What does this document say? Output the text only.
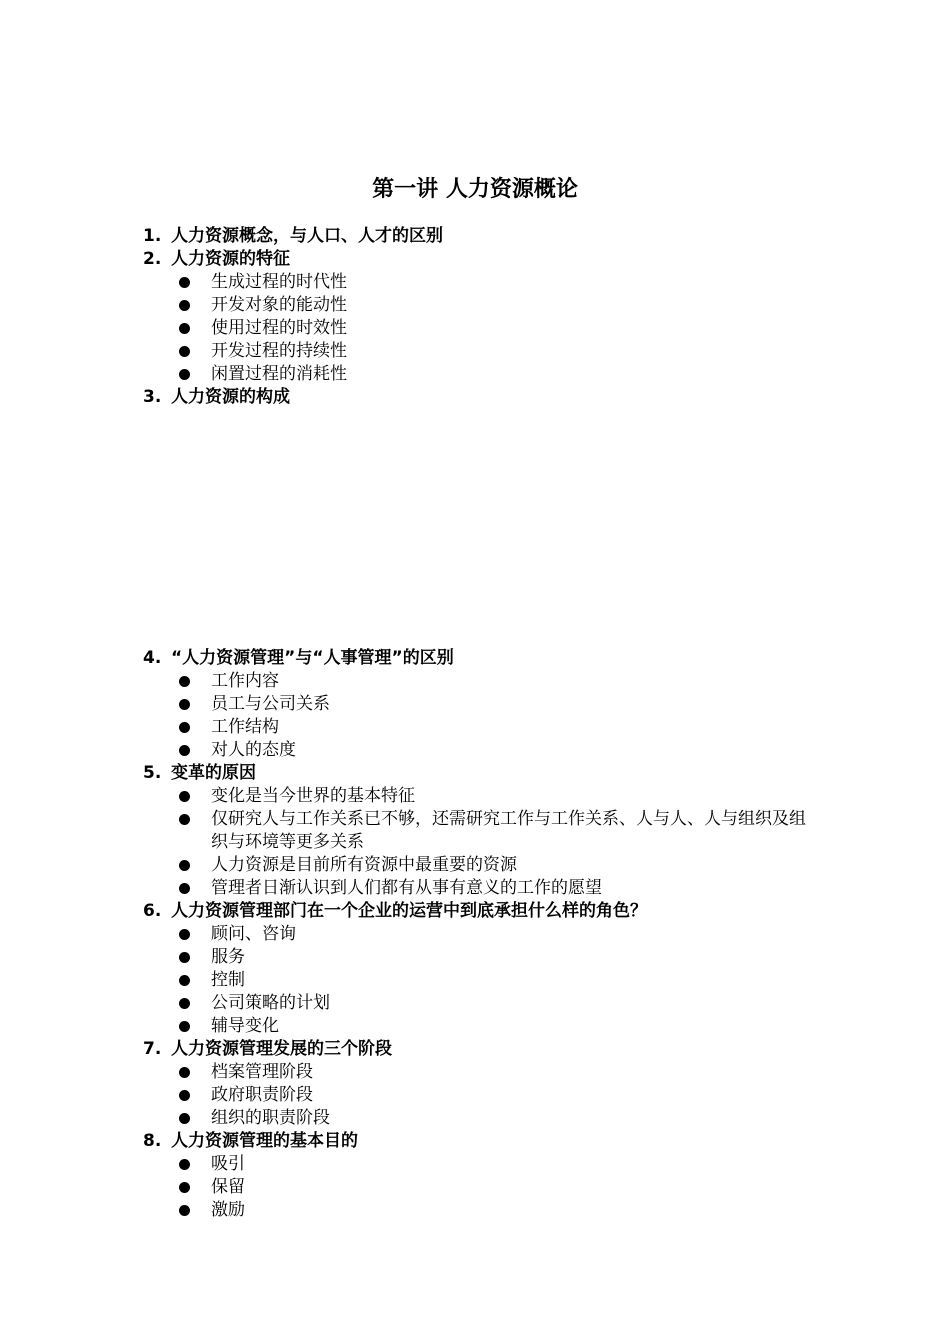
第一讲 人力资源概论
1. 人力资源概念，与人口、人才的区别
2. 人力资源的特征
生成过程的时代性
开发对象的能动性
使用过程的时效性
开发过程的持续性
闲置过程的消耗性
3. 人力资源的构成
4. “人力资源管理”与“人事管理”的区别
工作内容
员工与公司关系
工作结构
对人的态度
5. 变革的原因
变化是当今世界的基本特征
仅研究人与工作关系已不够，还需研究工作与工作关系、人与人、人与组织及组织与环境等更多关系
人力资源是目前所有资源中最重要的资源
管理者日渐认识到人们都有从事有意义的工作的愿望
6. 人力资源管理部门在一个企业的运营中到底承担什么样的角色？
顾问、咨询
服务
控制
公司策略的计划
辅导变化
7. 人力资源管理发展的三个阶段
档案管理阶段
政府职责阶段
组织的职责阶段
8. 人力资源管理的基本目的
吸引
保留
激励
